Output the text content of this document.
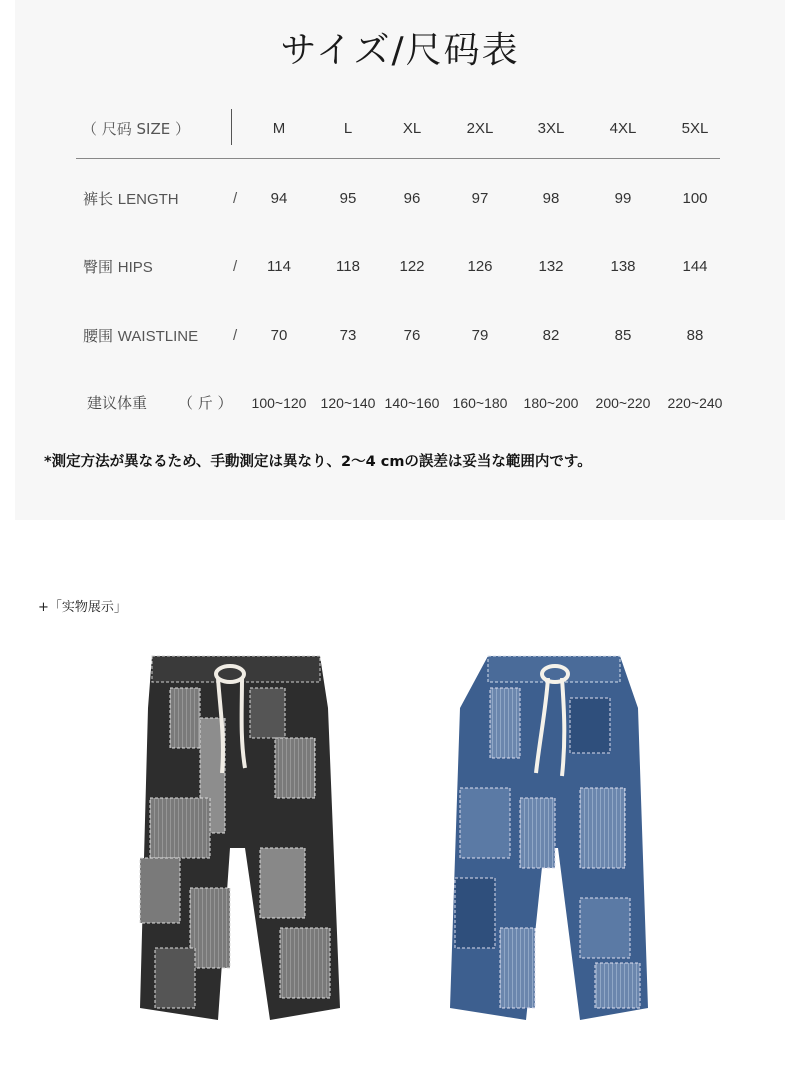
サイズ/尺码表
（ 尺码 SIZE ）	M	L	XL	2XL	3XL	4XL	5XL
裤长 LENGTH	/	94	95	96	97	98	99	100
臀围 HIPS	/	114	118	122	126	132	138	144
腰围 WAISTLINE /	70	73	76	79	82	85	88
建议体重 （ 斤 ）	100~120	120~140 140~160 160~180	180~200	200~220	220~240
*測定方法が異なるため、手動測定は異なり、2～4 cmの誤差は妥当な範囲内です。
+「实物展示」
